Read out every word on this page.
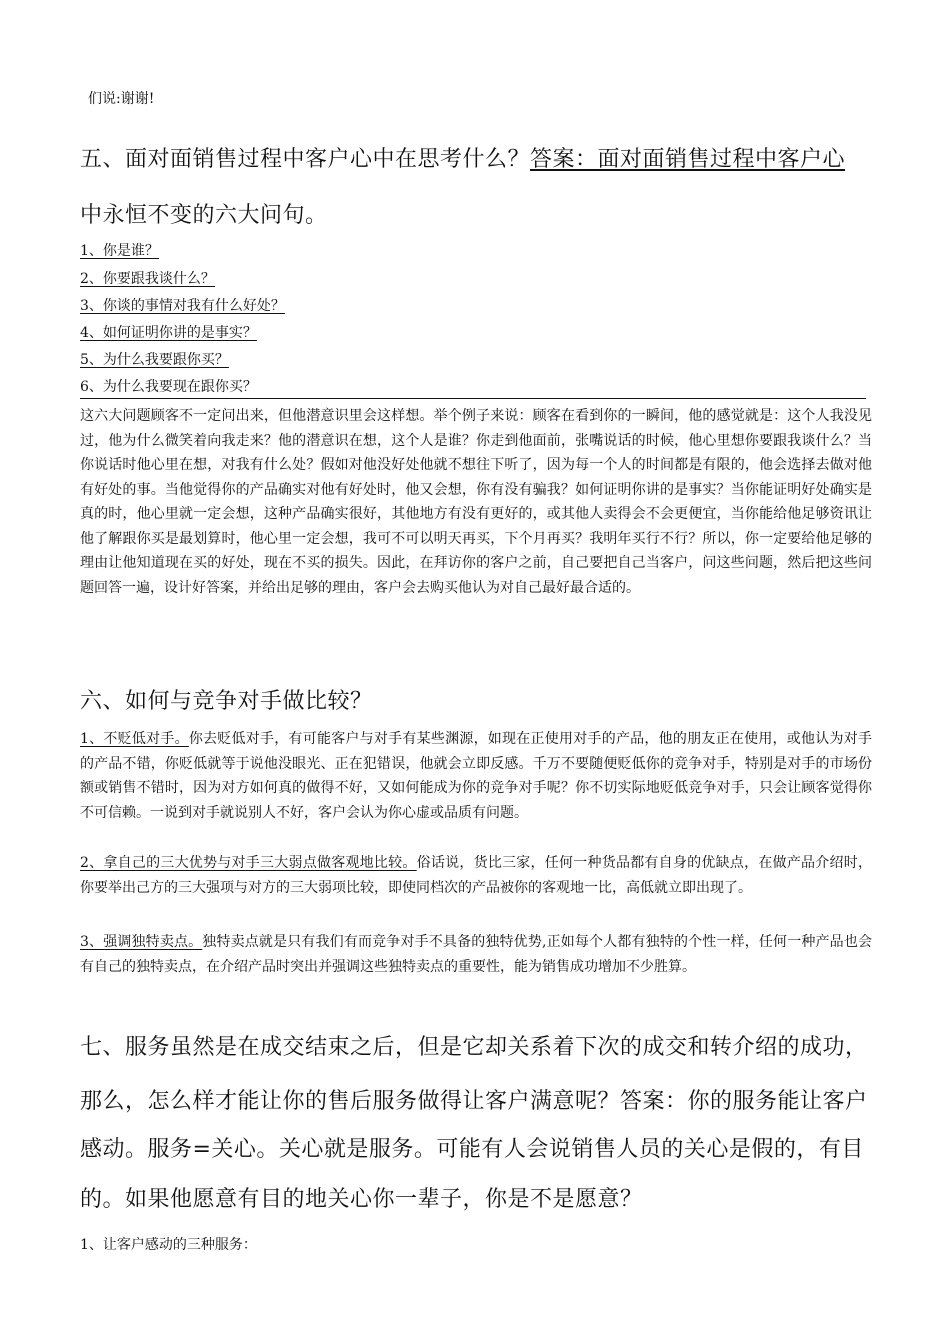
们说:谢谢!
五、面对面销售过程中客户心中在思考什么？答案：面对面销售过程中客户心
中永恒不变的六大问句。
1、你是谁？
2、你要跟我谈什么？
3、你谈的事情对我有什么好处？
4、如何证明你讲的是事实？
5、为什么我要跟你买？
6、为什么我要现在跟你买？
这六大问题顾客不一定问出来，但他潜意识里会这样想。举个例子来说：顾客在看到你的一瞬间，他的感觉就是：这个人我没见过，他为什么微笑着向我走来？他的潜意识在想，这个人是谁？你走到他面前，张嘴说话的时候，他心里想你要跟我谈什么？当你说话时他心里在想，对我有什么处？假如对他没好处他就不想往下听了，因为每一个人的时间都是有限的，他会选择去做对他有好处的事。当他觉得你的产品确实对他有好处时，他又会想，你有没有骗我？如何证明你讲的是事实？当你能证明好处确实是真的时，他心里就一定会想，这种产品确实很好，其他地方有没有更好的，或其他人卖得会不会更便宜，当你能给他足够资讯让他了解跟你买是最划算时，他心里一定会想，我可不可以明天再买，下个月再买？我明年买行不行？所以，你一定要给他足够的理由让他知道现在买的好处，现在不买的损失。因此，在拜访你的客户之前，自己要把自己当客户，问这些问题，然后把这些问题回答一遍，设计好答案，并给出足够的理由，客户会去购买他认为对自己最好最合适的。
六、如何与竞争对手做比较？
1、不贬低对手。你去贬低对手，有可能客户与对手有某些渊源，如现在正使用对手的产品，他的朋友正在使用，或他认为对手的产品不错，你贬低就等于说他没眼光、正在犯错误，他就会立即反感。千万不要随便贬低你的竞争对手，特别是对手的市场份额或销售不错时，因为对方如何真的做得不好，又如何能成为你的竞争对手呢？你不切实际地贬低竞争对手，只会让顾客觉得你不可信赖。一说到对手就说别人不好，客户会认为你心虚或品质有问题。
2、拿自己的三大优势与对手三大弱点做客观地比较。俗话说，货比三家，任何一种货品都有自身的优缺点，在做产品介绍时，你要举出己方的三大强项与对方的三大弱项比较，即使同档次的产品被你的客观地一比，高低就立即出现了。
3、强调独特卖点。独特卖点就是只有我们有而竞争对手不具备的独特优势,正如每个人都有独特的个性一样，任何一种产品也会有自己的独特卖点，在介绍产品时突出并强调这些独特卖点的重要性，能为销售成功增加不少胜算。
七、服务虽然是在成交结束之后，但是它却关系着下次的成交和转介绍的成功，
那么，怎么样才能让你的售后服务做得让客户满意呢？答案：你的服务能让客户
感动。服务=关心。关心就是服务。可能有人会说销售人员的关心是假的，有目
的。如果他愿意有目的地关心你一辈子，你是不是愿意？
1、让客户感动的三种服务：
